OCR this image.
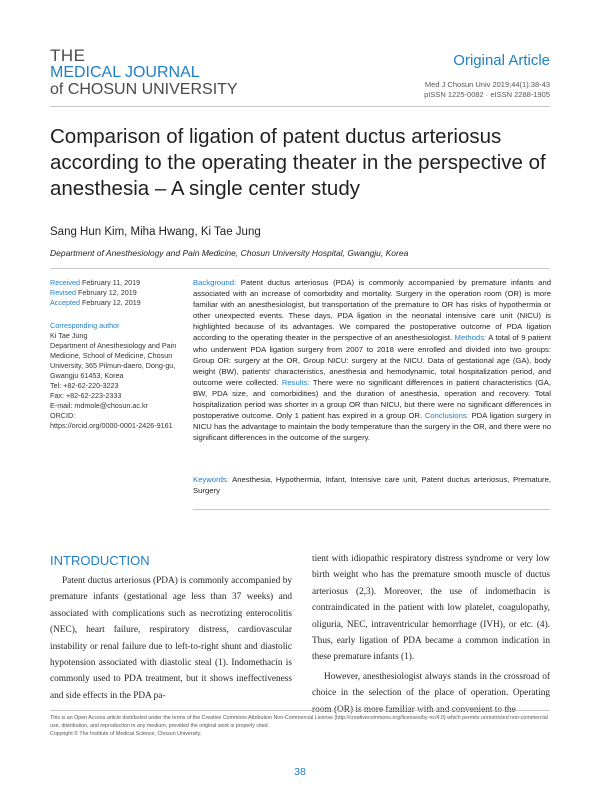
THE
MEDICAL JOURNAL
of CHOSUN UNIVERSITY
Original Article
Med J Chosun Univ 2019;44(1):38-43
pISSN 1225-0082 · eISSN 2288-1905
Comparison of ligation of patent ductus arteriosus according to the operating theater in the perspective of anesthesia – A single center study
Sang Hun Kim, Miha Hwang, Ki Tae Jung
Department of Anesthesiology and Pain Medicine, Chosun University Hospital, Gwangju, Korea
Received February 11, 2019
Revised February 12, 2019
Accepted February 12, 2019
Corresponding author
Ki Tae Jung
Department of Anesthesiology and Pain Medicine, School of Medicine, Chosun University, 365 Pilmun-daero, Dong-gu, Gwangju 61453, Korea
Tel: +82-62-220-3223
Fax: +82-62-223-2333
E-mail: mdmole@chosun.ac.kr
ORCID:
https://orcid.org/0000-0001-2426-9161
Background: Patent ductus arteriosus (PDA) is commonly accompanied by premature infants and associated with an increase of comorbidity and mortality. Surgery in the operation room (OR) is more familiar with an anesthesiologist, but transportation of the premature to OR has risks of hypothermia or other unexpected events. These days, PDA ligation in the neonatal intensive care unit (NICU) is highlighted because of its advantages. We compared the postoperative outcome of PDA ligation according to the operating theater in the perspective of an anesthesiologist. Methods: A total of 9 patient who underwent PDA ligation surgery from 2007 to 2018 were enrolled and divided into two groups: Group OR: surgery at the OR, Group NICU: surgery at the NICU. Data of gestational age (GA), body weight (BW), patients' characteristics, anesthesia and hemodynamic, total hospitalization period, and outcome were collected. Results: There were no significant differences in patient characteristics (GA, BW, PDA size, and comorbidities) and the duration of anesthesia, operation and recovery. Total hospitalization period was shorter in a group OR than NICU, but there were no significant differences in postoperative outcome. Only 1 patient has expired in a group OR. Conclusions: PDA ligation surgery in NICU has the advantage to maintain the body temperature than the surgery in the OR, and there were no significant differences in the outcome of the surgery.
Keywords: Anesthesia, Hypothermia, Infant, Intensive care unit, Patent ductus arteriosus, Premature, Surgery
INTRODUCTION

Patent ductus arteriosus (PDA) is commonly accompanied by premature infants (gestational age less than 37 weeks) and associated with complications such as necrotizing enterocolitis (NEC), heart failure, respiratory distress, cardiovascular instability or renal failure due to left-to-right shunt and diastolic hypotension associated with diastolic steal (1). Indomethacin is commonly used to PDA treatment, but it shows ineffectiveness and side effects in the PDA pa-

tient with idiopathic respiratory distress syndrome or very low birth weight who has the premature smooth muscle of ductus arteriosus (2,3). Moreover, the use of indomethacin is contraindicated in the patient with low platelet, coagulopathy, oliguria, NEC, intraventricular hemorrhage (IVH), or etc. (4). Thus, early ligation of PDA became a common indication in these premature infants (1).

However, anesthesiologist always stands in the crossroad of choice in the selection of the place of operation. Operating

This is an Open Access article distributed under the terms of the Creative Commons Attribution Non-Commercial License (http://creativecommons.org/licenses/by-nc/4.0) which permits unrestricted non-commercial use, distribution, and reproduction in any medium, provided the original work is properly cited.
Copyright © The Institute of Medical Science, Chosun University.
38
